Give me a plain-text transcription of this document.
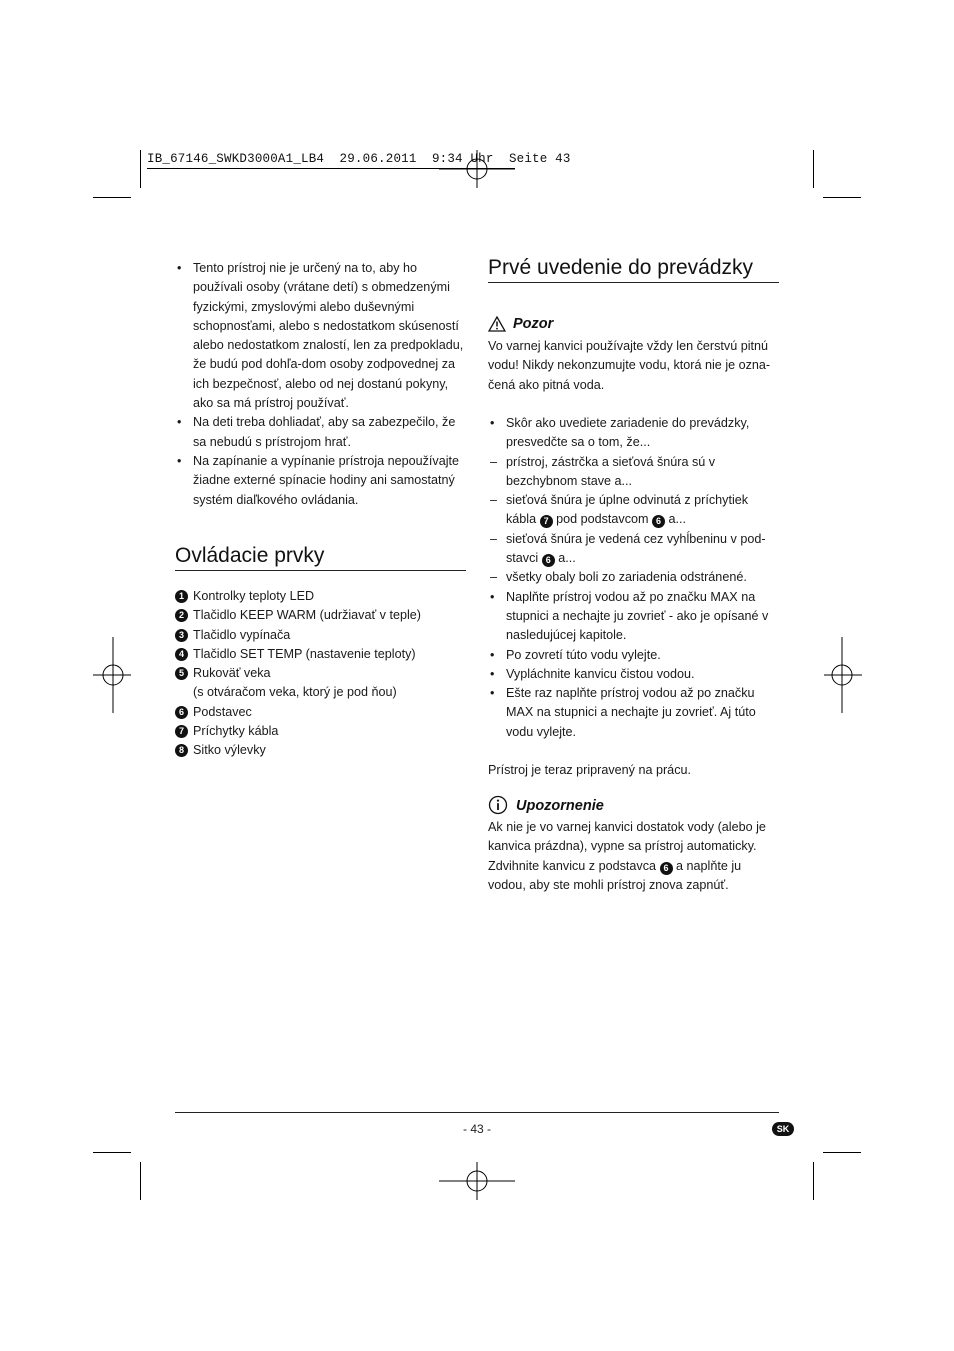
IB_67146_SWKD3000A1_LB4  29.06.2011  9:34 Uhr  Seite 43
• Tento prístroj nie je určený na to, aby ho používali osoby (vrátane detí) s obmedzenými fyzickými, zmyslovými alebo duševnými schopnosťami, alebo s nedostatkom skúseností alebo nedostatkom znalostí, len za predpokladu, že budú pod dohľa-dom osoby zodpovednej za ich bezpečnosť, alebo od nej dostanú pokyny, ako sa má prístroj používať.
• Na deti treba dohliadať, aby sa zabezpečilo, že sa nebudú s prístrojom hrať.
• Na zapínanie a vypínanie prístroja nepoužívajte žiadne externé spínacie hodiny ani samostatný systém diaľkového ovládania.
Ovládacie prvky
1 Kontrolky teploty LED
2 Tlačidlo KEEP WARM (udržiavať v teple)
3 Tlačidlo vypínača
4 Tlačidlo SET TEMP (nastavenie teploty)
5 Rukoväť veka
(s otváračom veka, ktorý je pod ňou)
6 Podstavec
7 Príchytky kábla
8 Sitko výlevky
Prvé uvedenie do prevádzky
Pozor
Vo varnej kanvici používajte vždy len čerstvú pitnú vodu! Nikdy nekonzumujte vodu, ktorá nie je ozna-čená ako pitná voda.
• Skôr ako uvediete zariadenie do prevádzky, presvedčte sa o tom, že...
– prístroj, zástrčka a sieťová šnúra sú v bezchybnom stave a...
– sieťová šnúra je úplne odvinutá z príchytiek kábla 7 pod podstavcom 6 a...
– sieťová šnúra je vedená cez vyhĺbeninu v pod-stavci 6 a...
– všetky obaly boli zo zariadenia odstránené.
• Naplňte prístroj vodou až po značku MAX na stupnici a nechajte ju zovrieť - ako je opísané v nasledujúcej kapitole.
• Po zovretí túto vodu vylejte.
• Vypláchnite kanvicu čistou vodou.
• Ešte raz naplňte prístroj vodou až po značku MAX na stupnici a nechajte ju zovrieť. Aj túto vodu vylejte.
Prístroj je teraz pripravený na prácu.
Upozornenie
Ak nie je vo varnej kanvici dostatok vody (alebo je kanvica prázdna), vypne sa prístroj automaticky. Zdvihnite kanvicu z podstavca 6 a naplňte ju vodou, aby ste mohli prístroj znova zapnúť.
- 43 -	SK
